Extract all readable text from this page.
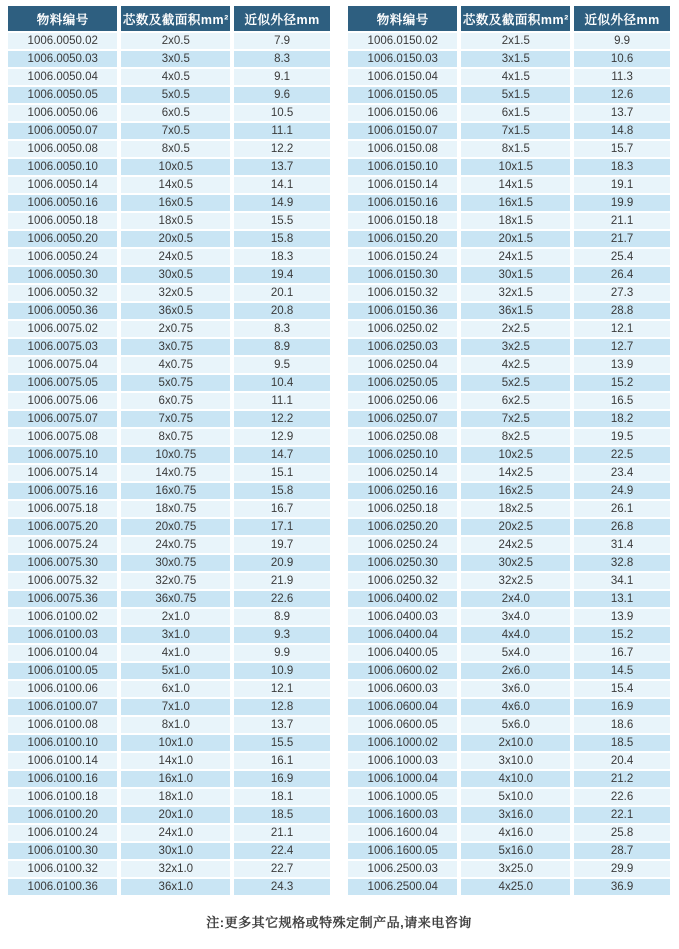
物料编号	芯数及截面积mm²	近似外径mm
1006.0050.02	2x0.5	7.9
1006.0050.03	3x0.5	8.3
1006.0050.04	4x0.5	9.1
1006.0050.05	5x0.5	9.6
1006.0050.06	6x0.5	10.5
1006.0050.07	7x0.5	11.1
1006.0050.08	8x0.5	12.2
1006.0050.10	10x0.5	13.7
1006.0050.14	14x0.5	14.1
1006.0050.16	16x0.5	14.9
1006.0050.18	18x0.5	15.5
1006.0050.20	20x0.5	15.8
1006.0050.24	24x0.5	18.3
1006.0050.30	30x0.5	19.4
1006.0050.32	32x0.5	20.1
1006.0050.36	36x0.5	20.8
1006.0075.02	2x0.75	8.3
1006.0075.03	3x0.75	8.9
1006.0075.04	4x0.75	9.5
1006.0075.05	5x0.75	10.4
1006.0075.06	6x0.75	11.1
1006.0075.07	7x0.75	12.2
1006.0075.08	8x0.75	12.9
1006.0075.10	10x0.75	14.7
1006.0075.14	14x0.75	15.1
1006.0075.16	16x0.75	15.8
1006.0075.18	18x0.75	16.7
1006.0075.20	20x0.75	17.1
1006.0075.24	24x0.75	19.7
1006.0075.30	30x0.75	20.9
1006.0075.32	32x0.75	21.9
1006.0075.36	36x0.75	22.6
1006.0100.02	2x1.0	8.9
1006.0100.03	3x1.0	9.3
1006.0100.04	4x1.0	9.9
1006.0100.05	5x1.0	10.9
1006.0100.06	6x1.0	12.1
1006.0100.07	7x1.0	12.8
1006.0100.08	8x1.0	13.7
1006.0100.10	10x1.0	15.5
1006.0100.14	14x1.0	16.1
1006.0100.16	16x1.0	16.9
1006.0100.18	18x1.0	18.1
1006.0100.20	20x1.0	18.5
1006.0100.24	24x1.0	21.1
1006.0100.30	30x1.0	22.4
1006.0100.32	32x1.0	22.7
1006.0100.36	36x1.0	24.3
物料编号	芯数及截面积mm²	近似外径mm
1006.0150.02	2x1.5	9.9
1006.0150.03	3x1.5	10.6
1006.0150.04	4x1.5	11.3
1006.0150.05	5x1.5	12.6
1006.0150.06	6x1.5	13.7
1006.0150.07	7x1.5	14.8
1006.0150.08	8x1.5	15.7
1006.0150.10	10x1.5	18.3
1006.0150.14	14x1.5	19.1
1006.0150.16	16x1.5	19.9
1006.0150.18	18x1.5	21.1
1006.0150.20	20x1.5	21.7
1006.0150.24	24x1.5	25.4
1006.0150.30	30x1.5	26.4
1006.0150.32	32x1.5	27.3
1006.0150.36	36x1.5	28.8
1006.0250.02	2x2.5	12.1
1006.0250.03	3x2.5	12.7
1006.0250.04	4x2.5	13.9
1006.0250.05	5x2.5	15.2
1006.0250.06	6x2.5	16.5
1006.0250.07	7x2.5	18.2
1006.0250.08	8x2.5	19.5
1006.0250.10	10x2.5	22.5
1006.0250.14	14x2.5	23.4
1006.0250.16	16x2.5	24.9
1006.0250.18	18x2.5	26.1
1006.0250.20	20x2.5	26.8
1006.0250.24	24x2.5	31.4
1006.0250.30	30x2.5	32.8
1006.0250.32	32x2.5	34.1
1006.0400.02	2x4.0	13.1
1006.0400.03	3x4.0	13.9
1006.0400.04	4x4.0	15.2
1006.0400.05	5x4.0	16.7
1006.0600.02	2x6.0	14.5
1006.0600.03	3x6.0	15.4
1006.0600.04	4x6.0	16.9
1006.0600.05	5x6.0	18.6
1006.1000.02	2x10.0	18.5
1006.1000.03	3x10.0	20.4
1006.1000.04	4x10.0	21.2
1006.1000.05	5x10.0	22.6
1006.1600.03	3x16.0	22.1
1006.1600.04	4x16.0	25.8
1006.1600.05	5x16.0	28.7
1006.2500.03	3x25.0	29.9
1006.2500.04	4x25.0	36.9
注:更多其它规格或特殊定制产品,请来电咨询
